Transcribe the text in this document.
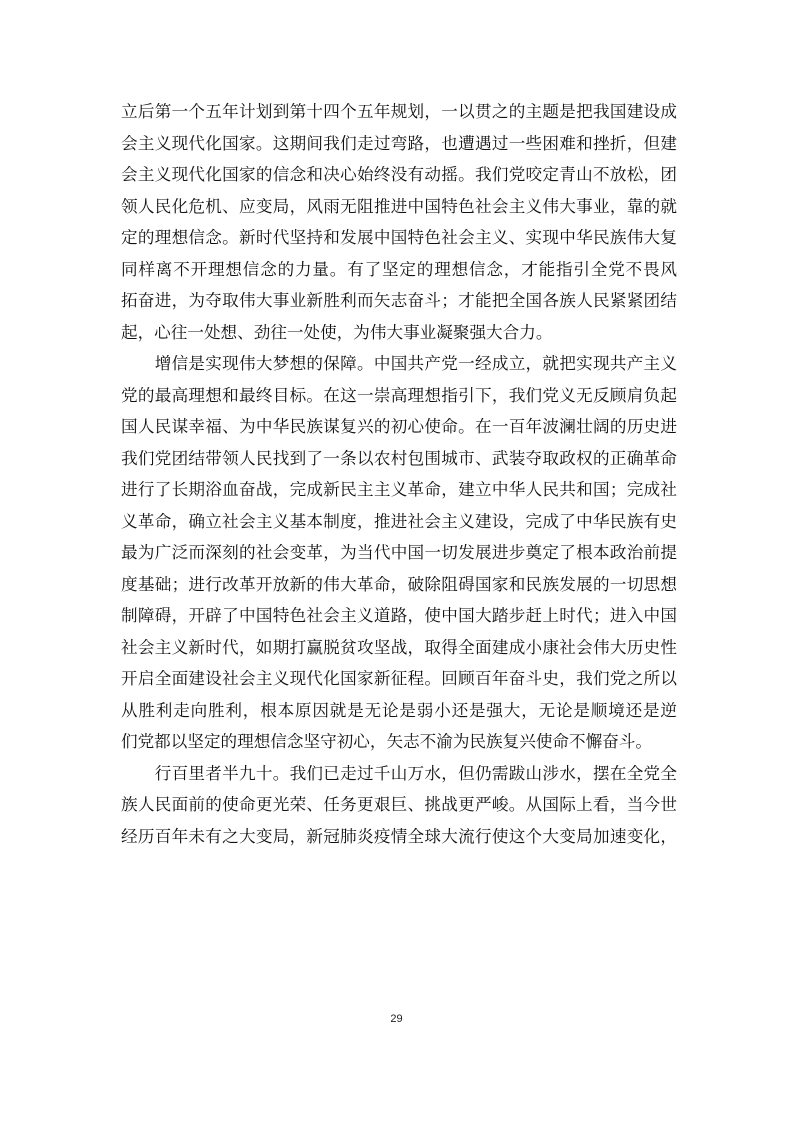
立后第一个五年计划到第十四个五年规划，一以贯之的主题是把我国建设成
会主义现代化国家。这期间我们走过弯路，也遭遇过一些困难和挫折，但建
会主义现代化国家的信念和决心始终没有动摇。我们党咬定青山不放松，团
领人民化危机、应变局，风雨无阻推进中国特色社会主义伟大事业，靠的就
定的理想信念。新时代坚持和发展中国特色社会主义、实现中华民族伟大复
同样离不开理想信念的力量。有了坚定的理想信念，才能指引全党不畏风
拓奋进，为夺取伟大事业新胜利而矢志奋斗；才能把全国各族人民紧紧团结
起，心往一处想、劲往一处使，为伟大事业凝聚强大合力。
　　增信是实现伟大梦想的保障。中国共产党一经成立，就把实现共产主义
党的最高理想和最终目标。在这一崇高理想指引下，我们党义无反顾肩负起
国人民谋幸福、为中华民族谋复兴的初心使命。在一百年波澜壮阔的历史进
我们党团结带领人民找到了一条以农村包围城市、武装夺取政权的正确革命
进行了长期浴血奋战，完成新民主主义革命，建立中华人民共和国；完成社
义革命，确立社会主义基本制度，推进社会主义建设，完成了中华民族有史
最为广泛而深刻的社会变革，为当代中国一切发展进步奠定了根本政治前提
度基础；进行改革开放新的伟大革命，破除阻碍国家和民族发展的一切思想
制障碍，开辟了中国特色社会主义道路，使中国大踏步赶上时代；进入中国
社会主义新时代，如期打赢脱贫攻坚战，取得全面建成小康社会伟大历史性
开启全面建设社会主义现代化国家新征程。回顾百年奋斗史，我们党之所以
从胜利走向胜利，根本原因就是无论是弱小还是强大，无论是顺境还是逆
们党都以坚定的理想信念坚守初心，矢志不渝为民族复兴使命不懈奋斗。
　　行百里者半九十。我们已走过千山万水，但仍需跋山涉水，摆在全党全
族人民面前的使命更光荣、任务更艰巨、挑战更严峻。从国际上看，当今世
经历百年未有之大变局，新冠肺炎疫情全球大流行使这个大变局加速变化，
29
